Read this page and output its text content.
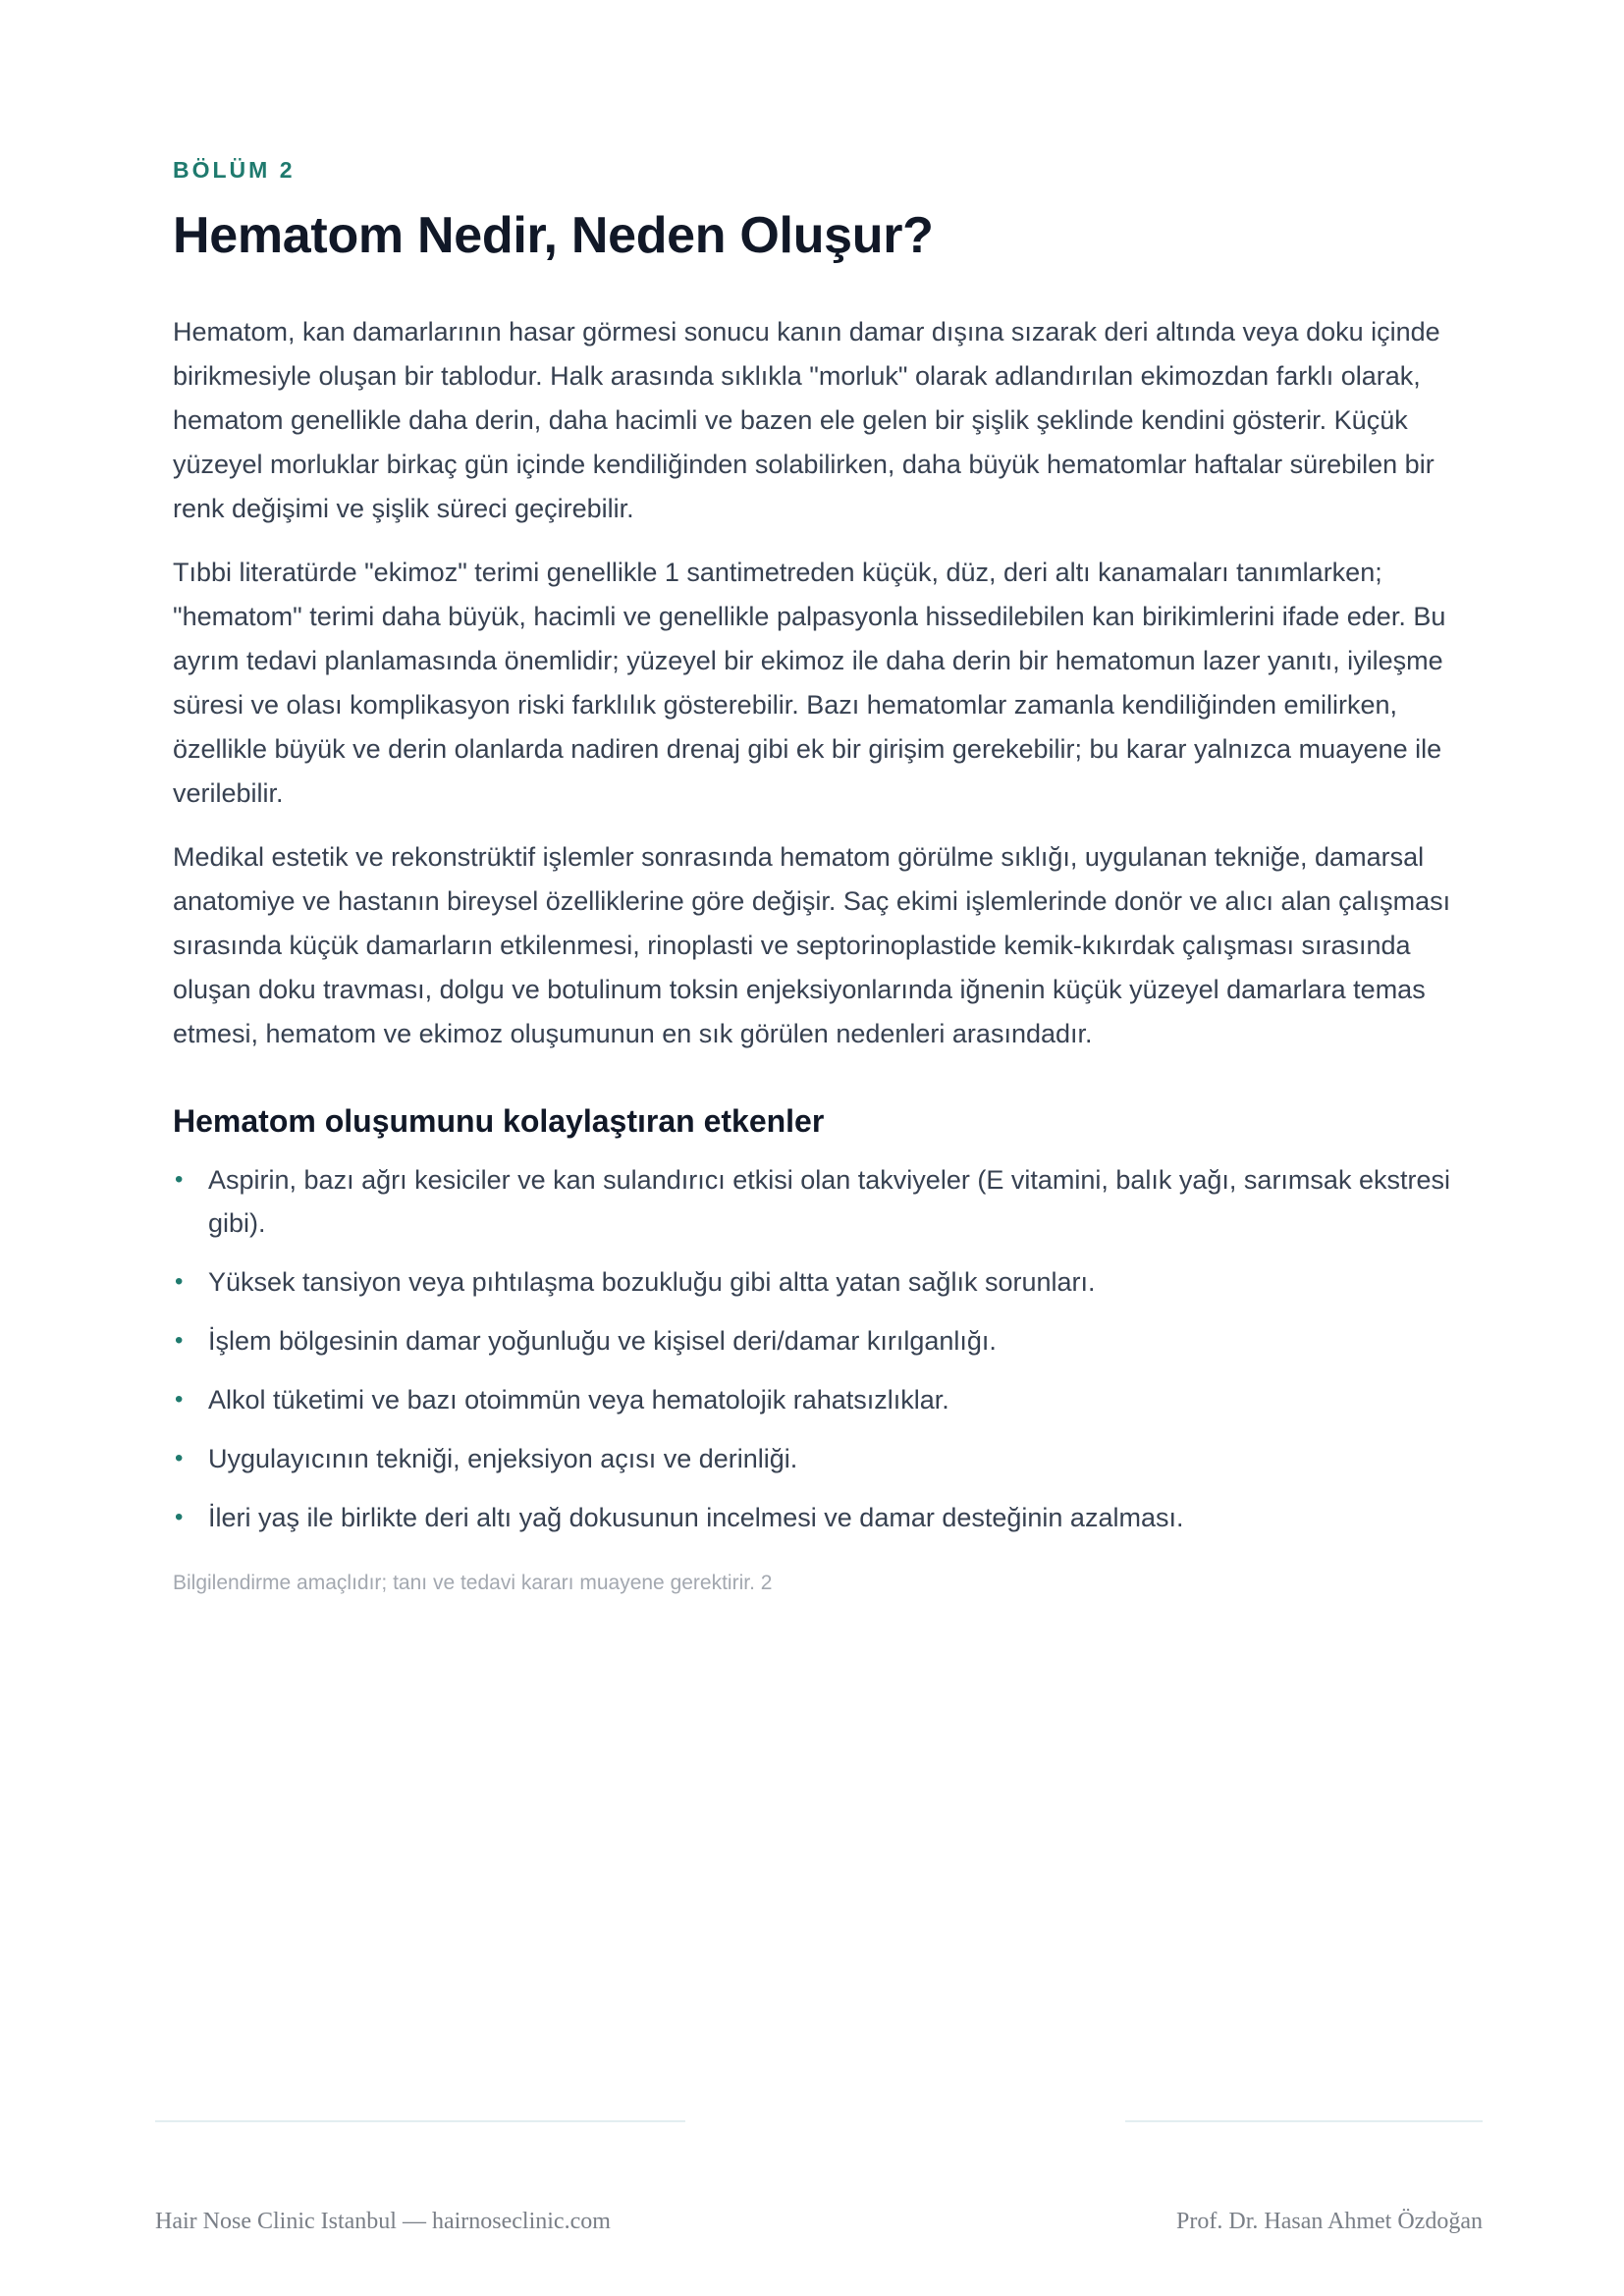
BÖLÜM 2
Hematom Nedir, Neden Oluşur?

Hematom, kan damarlarının hasar görmesi sonucu kanın damar dışına sızarak deri altında veya doku içinde birikmesiyle oluşan bir tablodur. Halk arasında sıklıkla "morluk" olarak adlandırılan ekimozdan farklı olarak, hematom genellikle daha derin, daha hacimli ve bazen ele gelen bir şişlik şeklinde kendini gösterir. Küçük yüzeyel morluklar birkaç gün içinde kendiliğinden solabilirken, daha büyük hematomlar haftalar sürebilen bir renk değişimi ve şişlik süreci geçirebilir.

Tıbbi literatürde "ekimoz" terimi genellikle 1 santimetreden küçük, düz, deri altı kanamaları tanımlarken; "hematom" terimi daha büyük, hacimli ve genellikle palpasyonla hissedilebilen kan birikimlerini ifade eder. Bu ayrım tedavi planlamasında önemlidir; yüzeyel bir ekimoz ile daha derin bir hematomun lazer yanıtı, iyileşme süresi ve olası komplikasyon riski farklılık gösterebilir. Bazı hematomlar zamanla kendiliğinden emilirken, özellikle büyük ve derin olanlarda nadiren drenaj gibi ek bir girişim gerekebilir; bu karar yalnızca muayene ile verilebilir.

Medikal estetik ve rekonstrüktif işlemler sonrasında hematom görülme sıklığı, uygulanan tekniğe, damarsal anatomiye ve hastanın bireysel özelliklerine göre değişir. Saç ekimi işlemlerinde donör ve alıcı alan çalışması sırasında küçük damarların etkilenmesi, rinoplasti ve septorinoplastide kemik-kıkırdak çalışması sırasında oluşan doku travması, dolgu ve botulinum toksin enjeksiyonlarında iğnenin küçük yüzeyel damarlara temas etmesi, hematom ve ekimoz oluşumunun en sık görülen nedenleri arasındadır.

Hematom oluşumunu kolaylaştıran etkenler
• Aspirin, bazı ağrı kesiciler ve kan sulandırıcı etkisi olan takviyeler (E vitamini, balık yağı, sarımsak ekstresi gibi).
• Yüksek tansiyon veya pıhtılaşma bozukluğu gibi altta yatan sağlık sorunları.
• İşlem bölgesinin damar yoğunluğu ve kişisel deri/damar kırılganlığı.
• Alkol tüketimi ve bazı otoimmün veya hematolojik rahatsızlıklar.
• Uygulayıcının tekniği, enjeksiyon açısı ve derinliği.
• İleri yaş ile birlikte deri altı yağ dokusunun incelmesi ve damar desteğinin azalması.
Bilgilendirme amaçlıdır; tanı ve tedavi kararı muayene gerektirir. 2
Hair Nose Clinic Istanbul — hairnoseclinic.com	Prof. Dr. Hasan Ahmet Özdoğan
